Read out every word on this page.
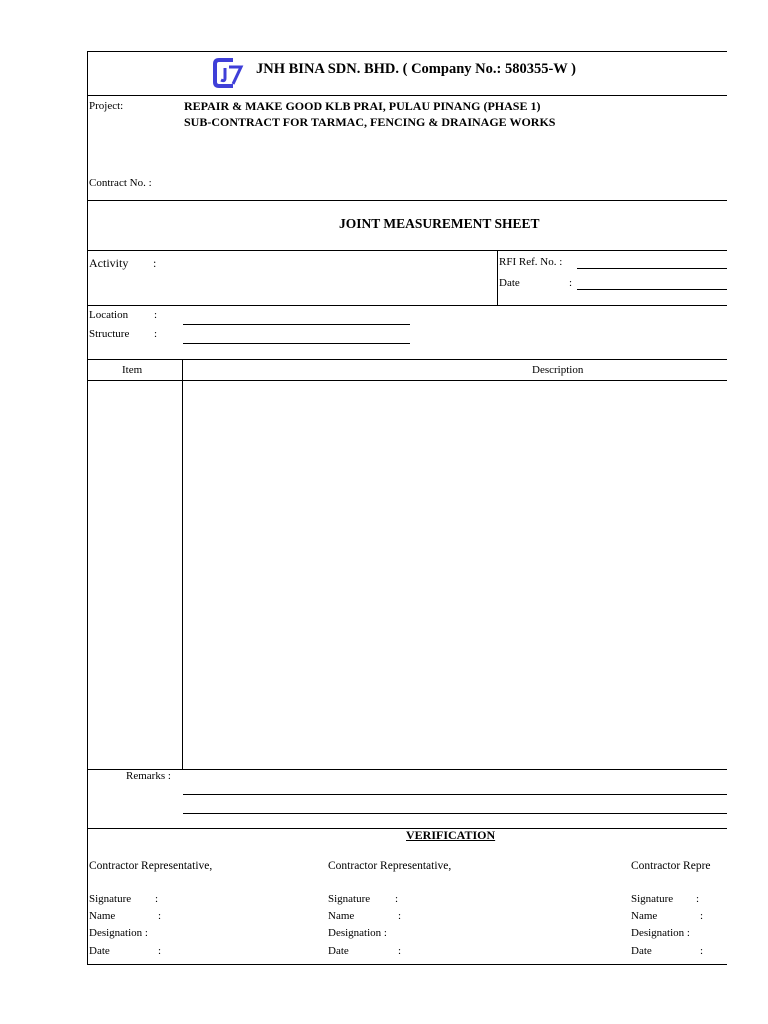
JNH BINA SDN. BHD. ( Company No.: 580355-W )
Project:	REPAIR & MAKE GOOD KLB PRAI, PULAU PINANG (PHASE 1)
SUB-CONTRACT FOR TARMAC, FENCING & DRAINAGE WORKS
Contract No. :
JOINT MEASUREMENT SHEET
Activity :	RFI Ref. No. :
Date	:
Location :
Structure :
Item	Description
Remarks :
VERIFICATION
Contractor Representative,
Signature :
Name	:
Designation :
Date	:
Contractor Representative,
Signature :
Name	:
Designation :
Date	:
Contractor Repre
Signature :
Name	:
Designation :
Date	:
